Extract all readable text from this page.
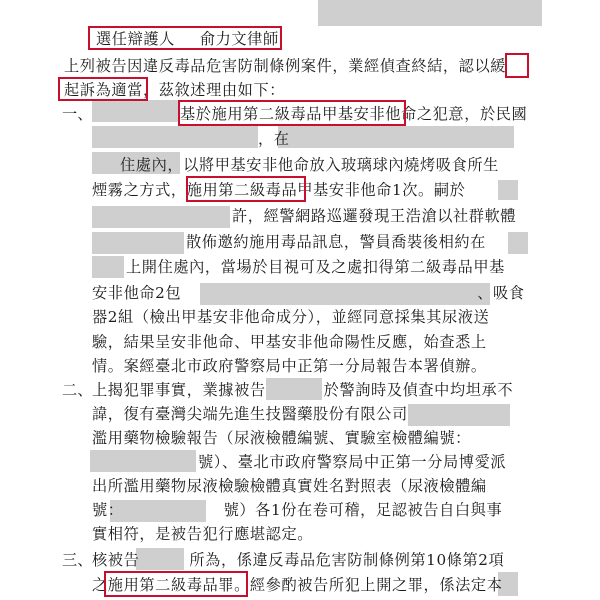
選任辯護人 俞力文律師
上列被告因違反毒品危害防制條例案件，業經偵查終結，認以緩
起訴為適當，茲敘述理由如下：
一、	基於施用第二級毒品甲基安非他命之犯意，於民國
，在
住處內，以將甲基安非他命放入玻璃球內燒烤吸食所生
煙霧之方式，施用第二級毒品甲基安非他命1次。嗣於
許，經警網路巡邏發現王浩滄以社群軟體
散佈邀約施用毒品訊息，警員喬裝後相約在
上開住處內，當場於目視可及之處扣得第二級毒品甲基
安非他命2包	、吸食
器2組（檢出甲基安非他命成分），並經同意採集其尿液送
驗，結果呈安非他命、甲基安非他命陽性反應，始查悉上
情。案經臺北市政府警察局中正第一分局報告本署偵辦。
二、 上揭犯罪事實，業據被告	於警詢時及偵查中均坦承不
諱，復有臺灣尖端先進生技醫藥股份有限公司
濫用藥物檢驗報告（尿液檢體編號、實驗室檢體編號：
號）、臺北市政府警察局中正第一分局博愛派
出所濫用藥物尿液檢驗檢體真實姓名對照表（尿液檢體編
號：	號）各1份在卷可稽，足認被告自白與事
實相符，是被告犯行應堪認定。
三、 核被告	所為，係違反毒品危害防制條例第10條第2項
之施用第二級毒品罪。經參酌被告所犯上開之罪，係法定本
